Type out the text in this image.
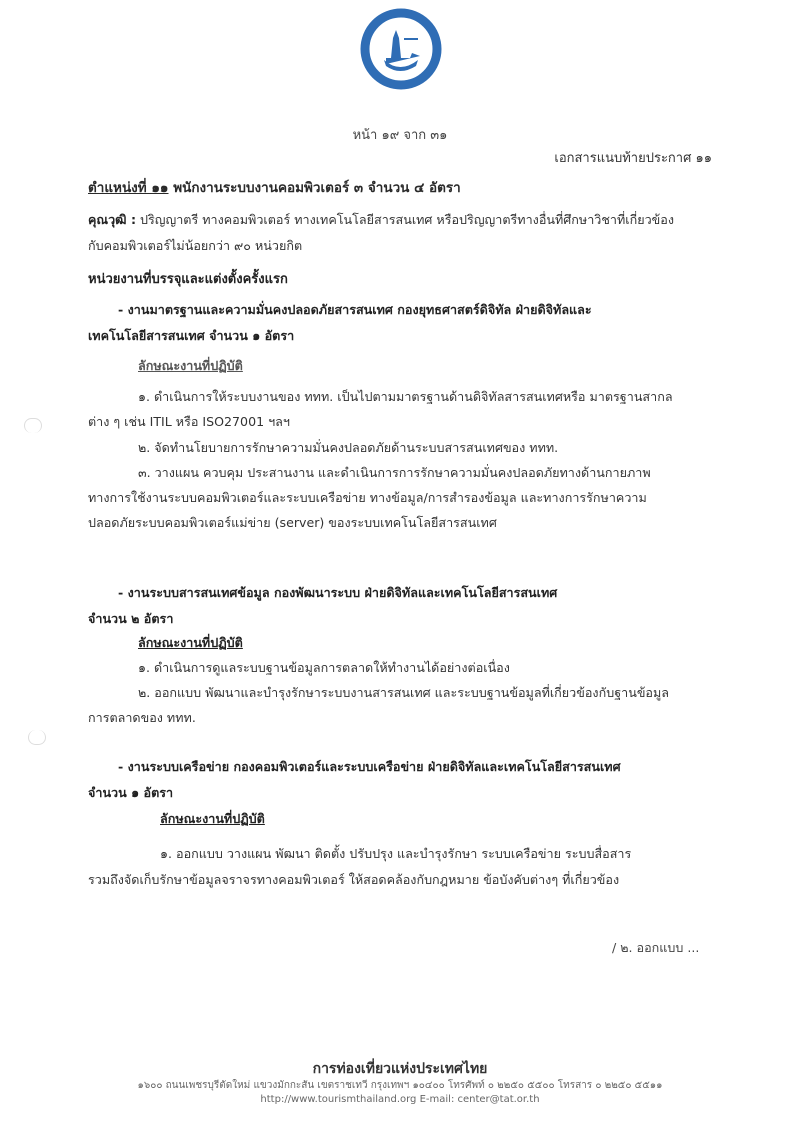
ททท
หน้า ๑๙ จาก ๓๑
เอกสารแนบท้ายประกาศ ๑๑
ตำแหน่งที่ ๑๑ พนักงานระบบงานคอมพิวเตอร์ ๓ จำนวน ๔ อัตรา
คุณวุฒิ : ปริญญาตรี ทางคอมพิวเตอร์ ทางเทคโนโลยีสารสนเทศ หรือปริญญาตรีทางอื่นที่ศึกษาวิชาที่เกี่ยวข้อง
กับคอมพิวเตอร์ไม่น้อยกว่า ๙๐ หน่วยกิต
หน่วยงานที่บรรจุและแต่งตั้งครั้งแรก
- งานมาตรฐานและความมั่นคงปลอดภัยสารสนเทศ กองยุทธศาสตร์ดิจิทัล ฝ่ายดิจิทัลและ
เทคโนโลยีสารสนเทศ จำนวน ๑ อัตรา
ลักษณะงานที่ปฏิบัติ
๑. ดำเนินการให้ระบบงานของ ททท. เป็นไปตามมาตรฐานด้านดิจิทัลสารสนเทศหรือ มาตรฐานสากล
ต่าง ๆ เช่น ITIL หรือ ISO27001 ฯลฯ
๒. จัดทำนโยบายการรักษาความมั่นคงปลอดภัยด้านระบบสารสนเทศของ ททท.
๓. วางแผน ควบคุม ประสานงาน และดำเนินการการรักษาความมั่นคงปลอดภัยทางด้านกายภาพ
ทางการใช้งานระบบคอมพิวเตอร์และระบบเครือข่าย ทางข้อมูล/การสำรองข้อมูล และทางการรักษาความ
ปลอดภัยระบบคอมพิวเตอร์แม่ข่าย (server) ของระบบเทคโนโลยีสารสนเทศ
- งานระบบสารสนเทศข้อมูล กองพัฒนาระบบ ฝ่ายดิจิทัลและเทคโนโลยีสารสนเทศ
จำนวน ๒ อัตรา
ลักษณะงานที่ปฏิบัติ
๑. ดำเนินการดูแลระบบฐานข้อมูลการตลาดให้ทำงานได้อย่างต่อเนื่อง
๒. ออกแบบ พัฒนาและบำรุงรักษาระบบงานสารสนเทศ และระบบฐานข้อมูลที่เกี่ยวข้องกับฐานข้อมูล
การตลาดของ ททท.
- งานระบบเครือข่าย กองคอมพิวเตอร์และระบบเครือข่าย ฝ่ายดิจิทัลและเทคโนโลยีสารสนเทศ
จำนวน ๑ อัตรา
ลักษณะงานที่ปฏิบัติ
๑. ออกแบบ วางแผน พัฒนา ติดตั้ง ปรับปรุง และบำรุงรักษา ระบบเครือข่าย ระบบสื่อสาร
รวมถึงจัดเก็บรักษาข้อมูลจราจรทางคอมพิวเตอร์ ให้สอดคล้องกับกฎหมาย ข้อบังคับต่างๆ ที่เกี่ยวข้อง
/ ๒. ออกแบบ ...
การท่องเที่ยวแห่งประเทศไทย
๑๖๐๐ ถนนเพชรบุรีตัดใหม่ แขวงมักกะสัน เขตราชเทวี กรุงเทพฯ ๑๐๔๐๐ โทรศัพท์ ๐ ๒๒๕๐ ๕๕๐๐ โทรสาร ๐ ๒๒๕๐ ๕๕๑๑
http://www.tourismthailand.org E-mail: center@tat.or.th
